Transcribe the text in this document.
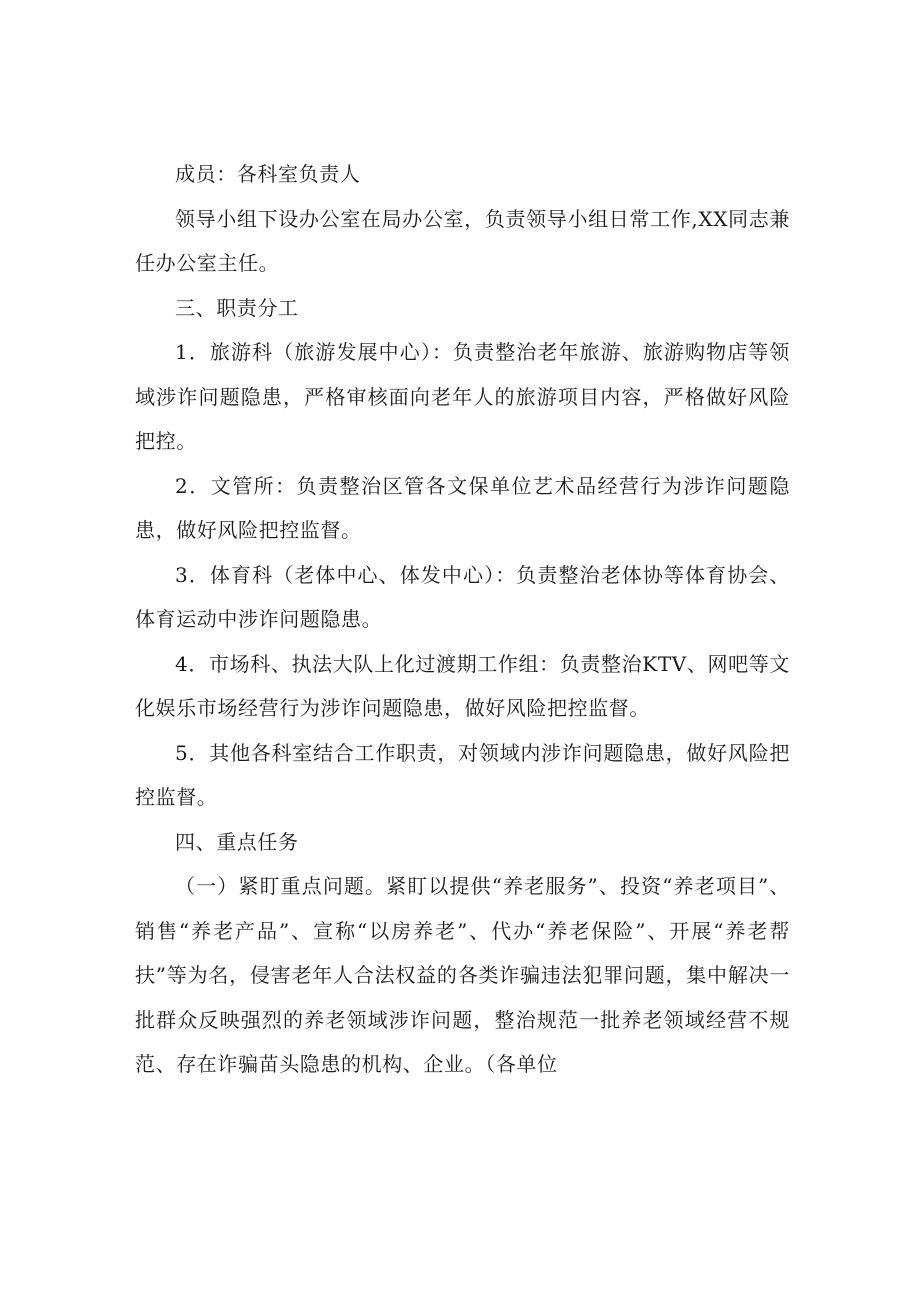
成员：各科室负责人

领导小组下设办公室在局办公室，负责领导小组日常工作,XX同志兼任办公室主任。

三、职责分工

1．旅游科（旅游发展中心）：负责整治老年旅游、旅游购物店等领域涉诈问题隐患，严格审核面向老年人的旅游项目内容，严格做好风险把控。

2．文管所：负责整治区管各文保单位艺术品经营行为涉诈问题隐患，做好风险把控监督。

3．体育科（老体中心、体发中心）：负责整治老体协等体育协会、体育运动中涉诈问题隐患。

4．市场科、执法大队上化过渡期工作组：负责整治KTV、网吧等文化娱乐市场经营行为涉诈问题隐患，做好风险把控监督。

5．其他各科室结合工作职责，对领域内涉诈问题隐患，做好风险把控监督。

四、重点任务

（一）紧盯重点问题。紧盯以提供“养老服务”、投资“养老项目”、销售“养老产品”、宣称“以房养老”、代办“养老保险”、开展“养老帮扶”等为名，侵害老年人合法权益的各类诈骗违法犯罪问题，集中解决一批群众反映强烈的养老领域涉诈问题，整治规范一批养老领域经营不规范、存在诈骗苗头隐患的机构、企业。（各单位
